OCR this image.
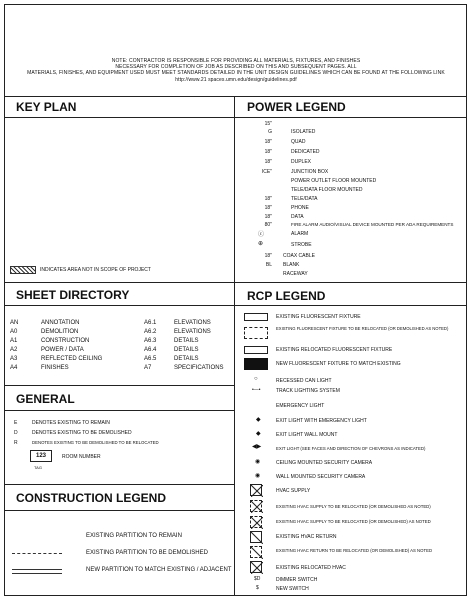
NOTE: CONTRACTOR IS RESPONSIBLE FOR PROVIDING ALL MATERIALS, FIXTURES, AND FINISHES
NECESSARY FOR COMPLETION OF JOB AS DESCRIBED ON THIS AND SUBSEQUENT PAGES. ALL
MATERIALS, FINISHES, AND EQUIPMENT USED MUST MEET STANDARDS DETAILED IN THE UNIT DESIGN GUIDELINES WHICH CAN BE FOUND AT THE FOLLOWING LINK
http://www.21 spaces.umn.edu/design/guidelines.pdf
KEY PLAN
INDICATES AREA NOT IN SCOPE OF PROJECT
POWER LEGEND
15"
G	ISOLATED
18"	QUAD
18"	DEDICATED
18"	DUPLEX
ICE"	JUNCTION BOX
POWER OUTLET FLOOR MOUNTED
TELE/DATA FLOOR MOUNTED
18"	TELE/DATA
18"	PHONE
18"	DATA
80"	FIRE ALARM AUDIO/VISUAL DEVICE MOUNTED PER ADA REQUIREMENTS
ⓒ	ALARM
⊕	STROBE
18" COAX CABLE
BL BLANK
RACEWAY
SHEET DIRECTORY
AN	ANNOTATION
A0	DEMOLITION
A1	CONSTRUCTION
A2	POWER / DATA
A3	REFLECTED CEILING
A4	FINISHES
A6.1	ELEVATIONS
A6.2	ELEVATIONS
A6.3	DETAILS
A6.4	DETAILS
A6.5	DETAILS
A7	SPECIFICATIONS
RCP LEGEND
EXISTING FLUORESCENT FIXTURE
EXISTING FLUORESCENT FIXTURE TO BE RELOCATED (OR DEMOLISHED AS NOTED)
EXISTING RELOCATED FLUORESCENT FIXTURE
NEW FLUORESCENT FIXTURE TO MATCH EXISTING
○	RECESSED CAN LIGHT
•—•	TRACK LIGHTING SYSTEM
EMERGENCY LIGHT
◆	EXIT LIGHT WITH EMERGENCY LIGHT
◆	EXIT LIGHT WALL MOUNT
◀▶	EXIT LIGHT (SEE FACES AND DIRECTION OF CHEVRONS AS INDICATED)
◉	CEILING MOUNTED SECURITY CAMERA
◉	WALL MOUNTED SECURITY CAMERA
HVAC SUPPLY
EXISTING HVAC SUPPLY TO BE RELOCATED (OR DEMOLISHED AS NOTED)
EXISTING HVAC SUPPLY TO BE RELOCATED (OR DEMOLISHED) AS NOTED
EXISTING HVAC RETURN
EXISTING HVAC RETURN TO BE RELOCATED (OR DEMOLISHED) AS NOTED
EXISTING RELOCATED HVAC
$D	DIMMER SWITCH
$	NEW SWITCH
GENERAL
E	DENOTES EXISTING TO REMAIN
D	DENOTES EXISTING TO BE DEMOLISHED
R	DENOTES EXISTING TO BE DEMOLISHED TO BE RELOCATED
123
TAG
ROOM NUMBER
CONSTRUCTION LEGEND
EXISTING PARTITION TO REMAIN
EXISTING PARTITION TO BE DEMOLISHED
NEW PARTITION TO MATCH EXISTING / ADJACENT
